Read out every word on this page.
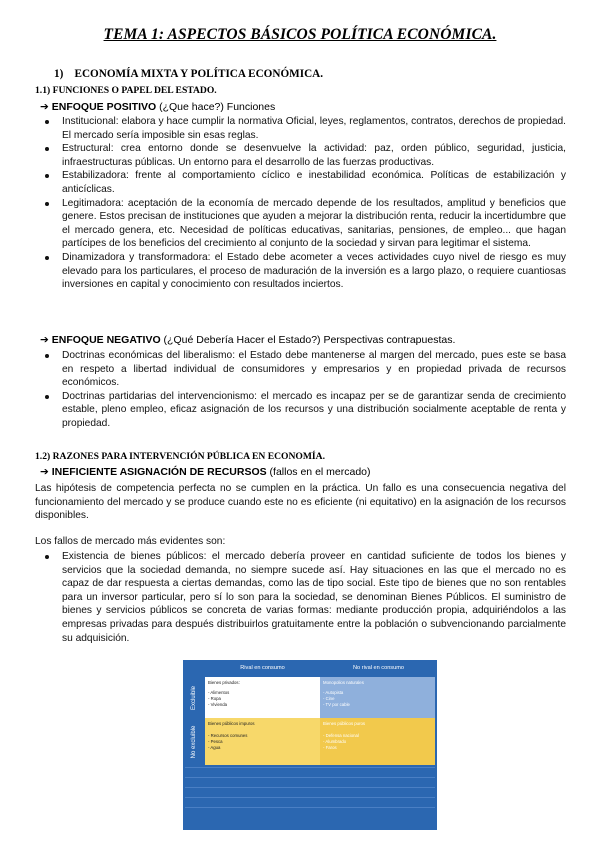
TEMA 1: ASPECTOS BÁSICOS POLÍTICA ECONÓMICA.
1) ECONOMÍA MIXTA Y POLÍTICA ECONÓMICA.
1.1) FUNCIONES O PAPEL DEL ESTADO.
➔ ENFOQUE POSITIVO (¿Que hace?) Funciones
Institucional: elabora y hace cumplir la normativa Oficial, leyes, reglamentos, contratos, derechos de propiedad. El mercado sería imposible sin esas reglas.
Estructural: crea entorno donde se desenvuelve la actividad: paz, orden público, seguridad, justicia, infraestructuras públicas. Un entorno para el desarrollo de las fuerzas productivas.
Estabilizadora: frente al comportamiento cíclico e inestabilidad económica. Políticas de estabilización y anticíclicas.
Legitimadora: aceptación de la economía de mercado depende de los resultados, amplitud y beneficios que genere. Estos precisan de instituciones que ayuden a mejorar la distribución renta, reducir la incertidumbre que el mercado genera, etc. Necesidad de políticas educativas, sanitarias, pensiones, de empleo... que hagan partícipes de los beneficios del crecimiento al conjunto de la sociedad y sirvan para legitimar el sistema.
Dinamizadora y transformadora: el Estado debe acometer a veces actividades cuyo nivel de riesgo es muy elevado para los particulares, el proceso de maduración de la inversión es a largo plazo, o requiere cuantiosas inversiones en capital y conocimiento con resultados inciertos.
➔ ENFOQUE NEGATIVO (¿Qué Debería Hacer el Estado?) Perspectivas contrapuestas.
Doctrinas económicas del liberalismo: el Estado debe mantenerse al margen del mercado, pues este se basa en respeto a libertad individual de consumidores y empresarios y en propiedad privada de recursos económicos.
Doctrinas partidarias del intervencionismo: el mercado es incapaz per se de garantizar senda de crecimiento estable, pleno empleo, eficaz asignación de los recursos y una distribución socialmente aceptable de renta y propiedad.
1.2) RAZONES PARA INTERVENCIÓN PÚBLICA EN ECONOMÍA.
➔ INEFICIENTE ASIGNACIÓN DE RECURSOS (fallos en el mercado)
Las hipótesis de competencia perfecta no se cumplen en la práctica. Un fallo es una consecuencia negativa del funcionamiento del mercado y se produce cuando este no es eficiente (ni equitativo) en la asignación de los recursos disponibles.
Los fallos de mercado más evidentes son:
Existencia de bienes públicos: el mercado debería proveer en cantidad suficiente de todos los bienes y servicios que la sociedad demanda, no siempre sucede así. Hay situaciones en las que el mercado no es capaz de dar respuesta a ciertas demandas, como las de tipo social. Este tipo de bienes que no son rentables para un inversor particular, pero sí lo son para la sociedad, se denominan Bienes Públicos. El suministro de bienes y servicios públicos se concreta de varias formas: mediante producción propia, adquiriéndolos a las empresas privadas para después distribuirlos gratuitamente entre la población o subvencionando parcialmente su adquisición.
Rival en consumo	No rival en consumo
Excluible
No excluible
Bienes privados:
- Alimentos
- Ropa
- Vivienda
Monopolios naturales
- Autopista
- Cine
- TV por cable
Bienes públicos impuros
- Recursos comunes
- Pesca
- Agua
Bienes públicos puros
- Defensa nacional
- Alumbrado
- Faros
